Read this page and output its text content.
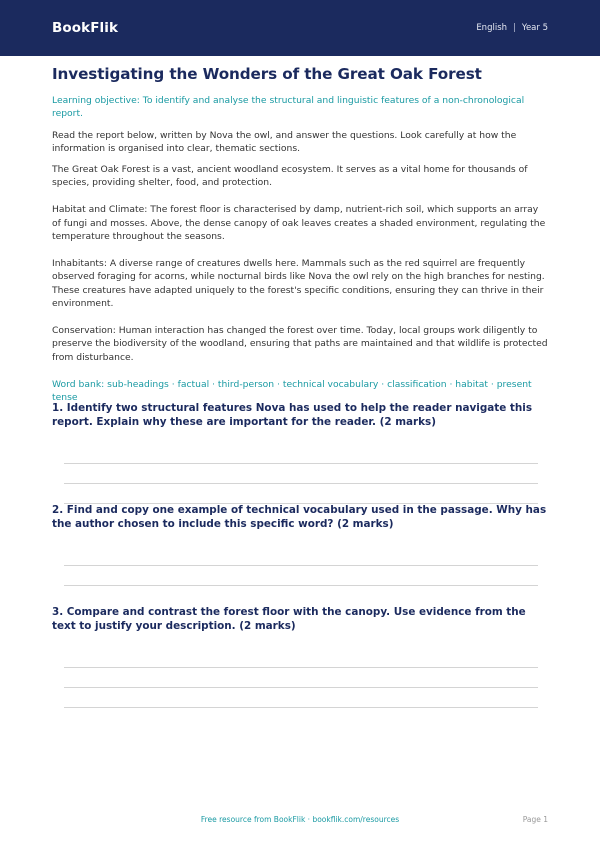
BookFlik	English | Year 5
Investigating the Wonders of the Great Oak Forest

Learning objective: To identify and analyse the structural and linguistic features of a non-chronological report.

Read the report below, written by Nova the owl, and answer the questions. Look carefully at how the information is organised into clear, thematic sections.

The Great Oak Forest is a vast, ancient woodland ecosystem. It serves as a vital home for thousands of species, providing shelter, food, and protection.

Habitat and Climate: The forest floor is characterised by damp, nutrient-rich soil, which supports an array of fungi and mosses. Above, the dense canopy of oak leaves creates a shaded environment, regulating the temperature throughout the seasons.

Inhabitants: A diverse range of creatures dwells here. Mammals such as the red squirrel are frequently observed foraging for acorns, while nocturnal birds like Nova the owl rely on the high branches for nesting. These creatures have adapted uniquely to the forest's specific conditions, ensuring they can thrive in their environment.

Conservation: Human interaction has changed the forest over time. Today, local groups work diligently to preserve the biodiversity of the woodland, ensuring that paths are maintained and that wildlife is protected from disturbance.

Word bank: sub-headings · factual · third-person · technical vocabulary · classification · habitat · present tense

1. Identify two structural features Nova has used to help the reader navigate this report. Explain why these are important for the reader. (2 marks)

2. Find and copy one example of technical vocabulary used in the passage. Why has the author chosen to include this specific word? (2 marks)

3. Compare and contrast the forest floor with the canopy. Use evidence from the text to justify your description. (2 marks)

Free resource from BookFlik · bookflik.com/resources	Page 1
